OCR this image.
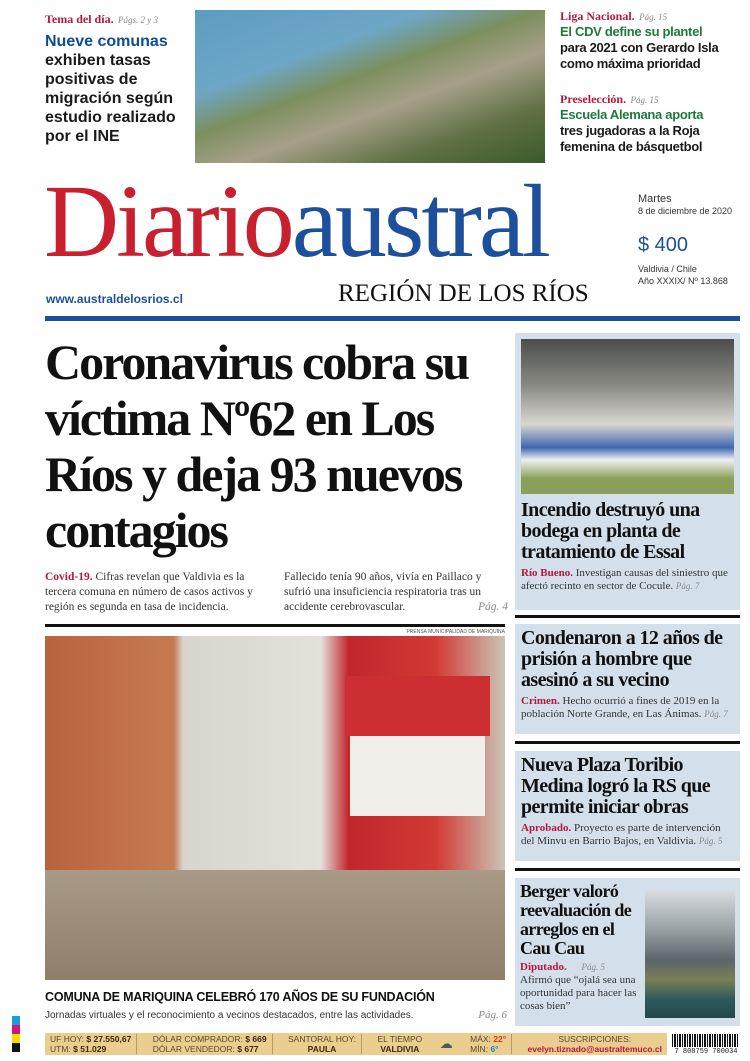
Tema del día. Págs. 2 y 3
Nueve comunas
exhiben tasas positivas de migración según estudio realizado por el INE
Liga Nacional. Pág. 15
El CDV define su plantel
para 2021 con Gerardo Isla como máxima prioridad
Preselección. Pág. 15
Escuela Alemana aporta
tres jugadoras a la Roja femenina de básquetbol
Diarioaustral
www.australdelosrios.cl	REGIÓN DE LOS RÍOS
Martes
8 de diciembre de 2020
$ 400
Valdivia / Chile
Año XXXIX/ Nº 13.868
Coronavirus cobra su víctima Nº62 en Los Ríos y deja 93 nuevos contagios
Covid-19. Cifras revelan que Valdivia es la tercera comuna en número de casos activos y región es segunda en tasa de incidencia.
Fallecido tenía 90 años, vivía en Paillaco y sufrió una insuficiencia respiratoria tras un accidente cerebrovascular.	Pág. 4
PRENSA MUNICIPALIDAD DE MARIQUINA
COMUNA DE MARIQUINA CELEBRÓ 170 AÑOS DE SU FUNDACIÓN
Jornadas virtuales y el reconocimiento a vecinos destacados, entre las actividades.	Pág. 6
Incendio destruyó una bodega en planta de tratamiento de Essal
Río Bueno. Investigan causas del siniestro que afectó recinto en sector de Cocule. Pág. 7
Condenaron a 12 años de prisión a hombre que asesinó a su vecino
Crimen. Hecho ocurrió a fines de 2019 en la población Norte Grande, en Las Ánimas. Pág. 7
Nueva Plaza Toribio Medina logró la RS que permite iniciar obras
Aprobado. Proyecto es parte de intervención del Minvu en Barrio Bajos, en Valdivia. Pág. 5
Berger valoró reevaluación de arreglos en el Cau Cau
Diputado. Pág. 5
Afirmó que “ojalá sea una oportunidad para hacer las cosas bien”
UF HOY: $ 27.550,67
UTM: $ 51.029
DÓLAR COMPRADOR: $ 669
DÓLAR VENDEDOR: $ 677
SANTORAL HOY:
PAULA
EL TIEMPO
VALDIVIA	☁ MÁX: 22°
MÍN: 6°
SUSCRIPCIONES:
evelyn.tiznado@australtemuco.cl	7 808759 700034
